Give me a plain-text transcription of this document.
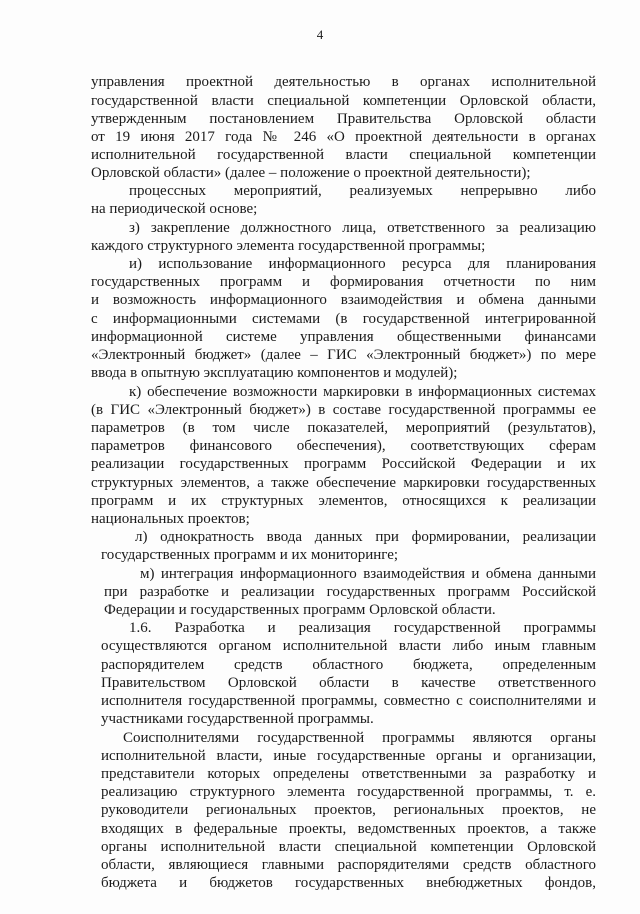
4
управления проектной деятельностью в органах исполнительной
государственной власти специальной компетенции Орловской области,
утвержденным постановлением Правительства Орловской области
от 19 июня 2017 года № 246 «О проектной деятельности в органах
исполнительной государственной власти специальной компетенции
Орловской области» (далее – положение о проектной деятельности);
процессных мероприятий, реализуемых непрерывно либо
на периодической основе;
з) закрепление должностного лица, ответственного за реализацию
каждого структурного элемента государственной программы;
и) использование информационного ресурса для планирования
государственных программ и формирования отчетности по ним
и возможность информационного взаимодействия и обмена данными
с информационными системами (в государственной интегрированной
информационной системе управления общественными финансами
«Электронный бюджет» (далее – ГИС «Электронный бюджет») по мере
ввода в опытную эксплуатацию компонентов и модулей);
к) обеспечение возможности маркировки в информационных системах
(в ГИС «Электронный бюджет») в составе государственной программы ее
параметров (в том числе показателей, мероприятий (результатов),
параметров финансового обеспечения), соответствующих сферам
реализации государственных программ Российской Федерации и их
структурных элементов, а также обеспечение маркировки государственных
программ и их структурных элементов, относящихся к реализации
национальных проектов;
л) однократность ввода данных при формировании, реализации
государственных программ и их мониторинге;
м) интеграция информационного взаимодействия и обмена данными
при разработке и реализации государственных программ Российской
Федерации и государственных программ Орловской области.
1.6. Разработка и реализация государственной программы
осуществляются органом исполнительной власти либо иным главным
распорядителем средств областного бюджета, определенным
Правительством Орловской области в качестве ответственного
исполнителя государственной программы, совместно с соисполнителями и
участниками государственной программы.
Соисполнителями государственной программы являются органы
исполнительной власти, иные государственные органы и организации,
представители которых определены ответственными за разработку и
реализацию структурного элемента государственной программы, т. е.
руководители региональных проектов, региональных проектов, не
входящих в федеральные проекты, ведомственных проектов, а также
органы исполнительной власти специальной компетенции Орловской
области, являющиеся главными распорядителями средств областного
бюджета и бюджетов государственных внебюджетных фондов,
